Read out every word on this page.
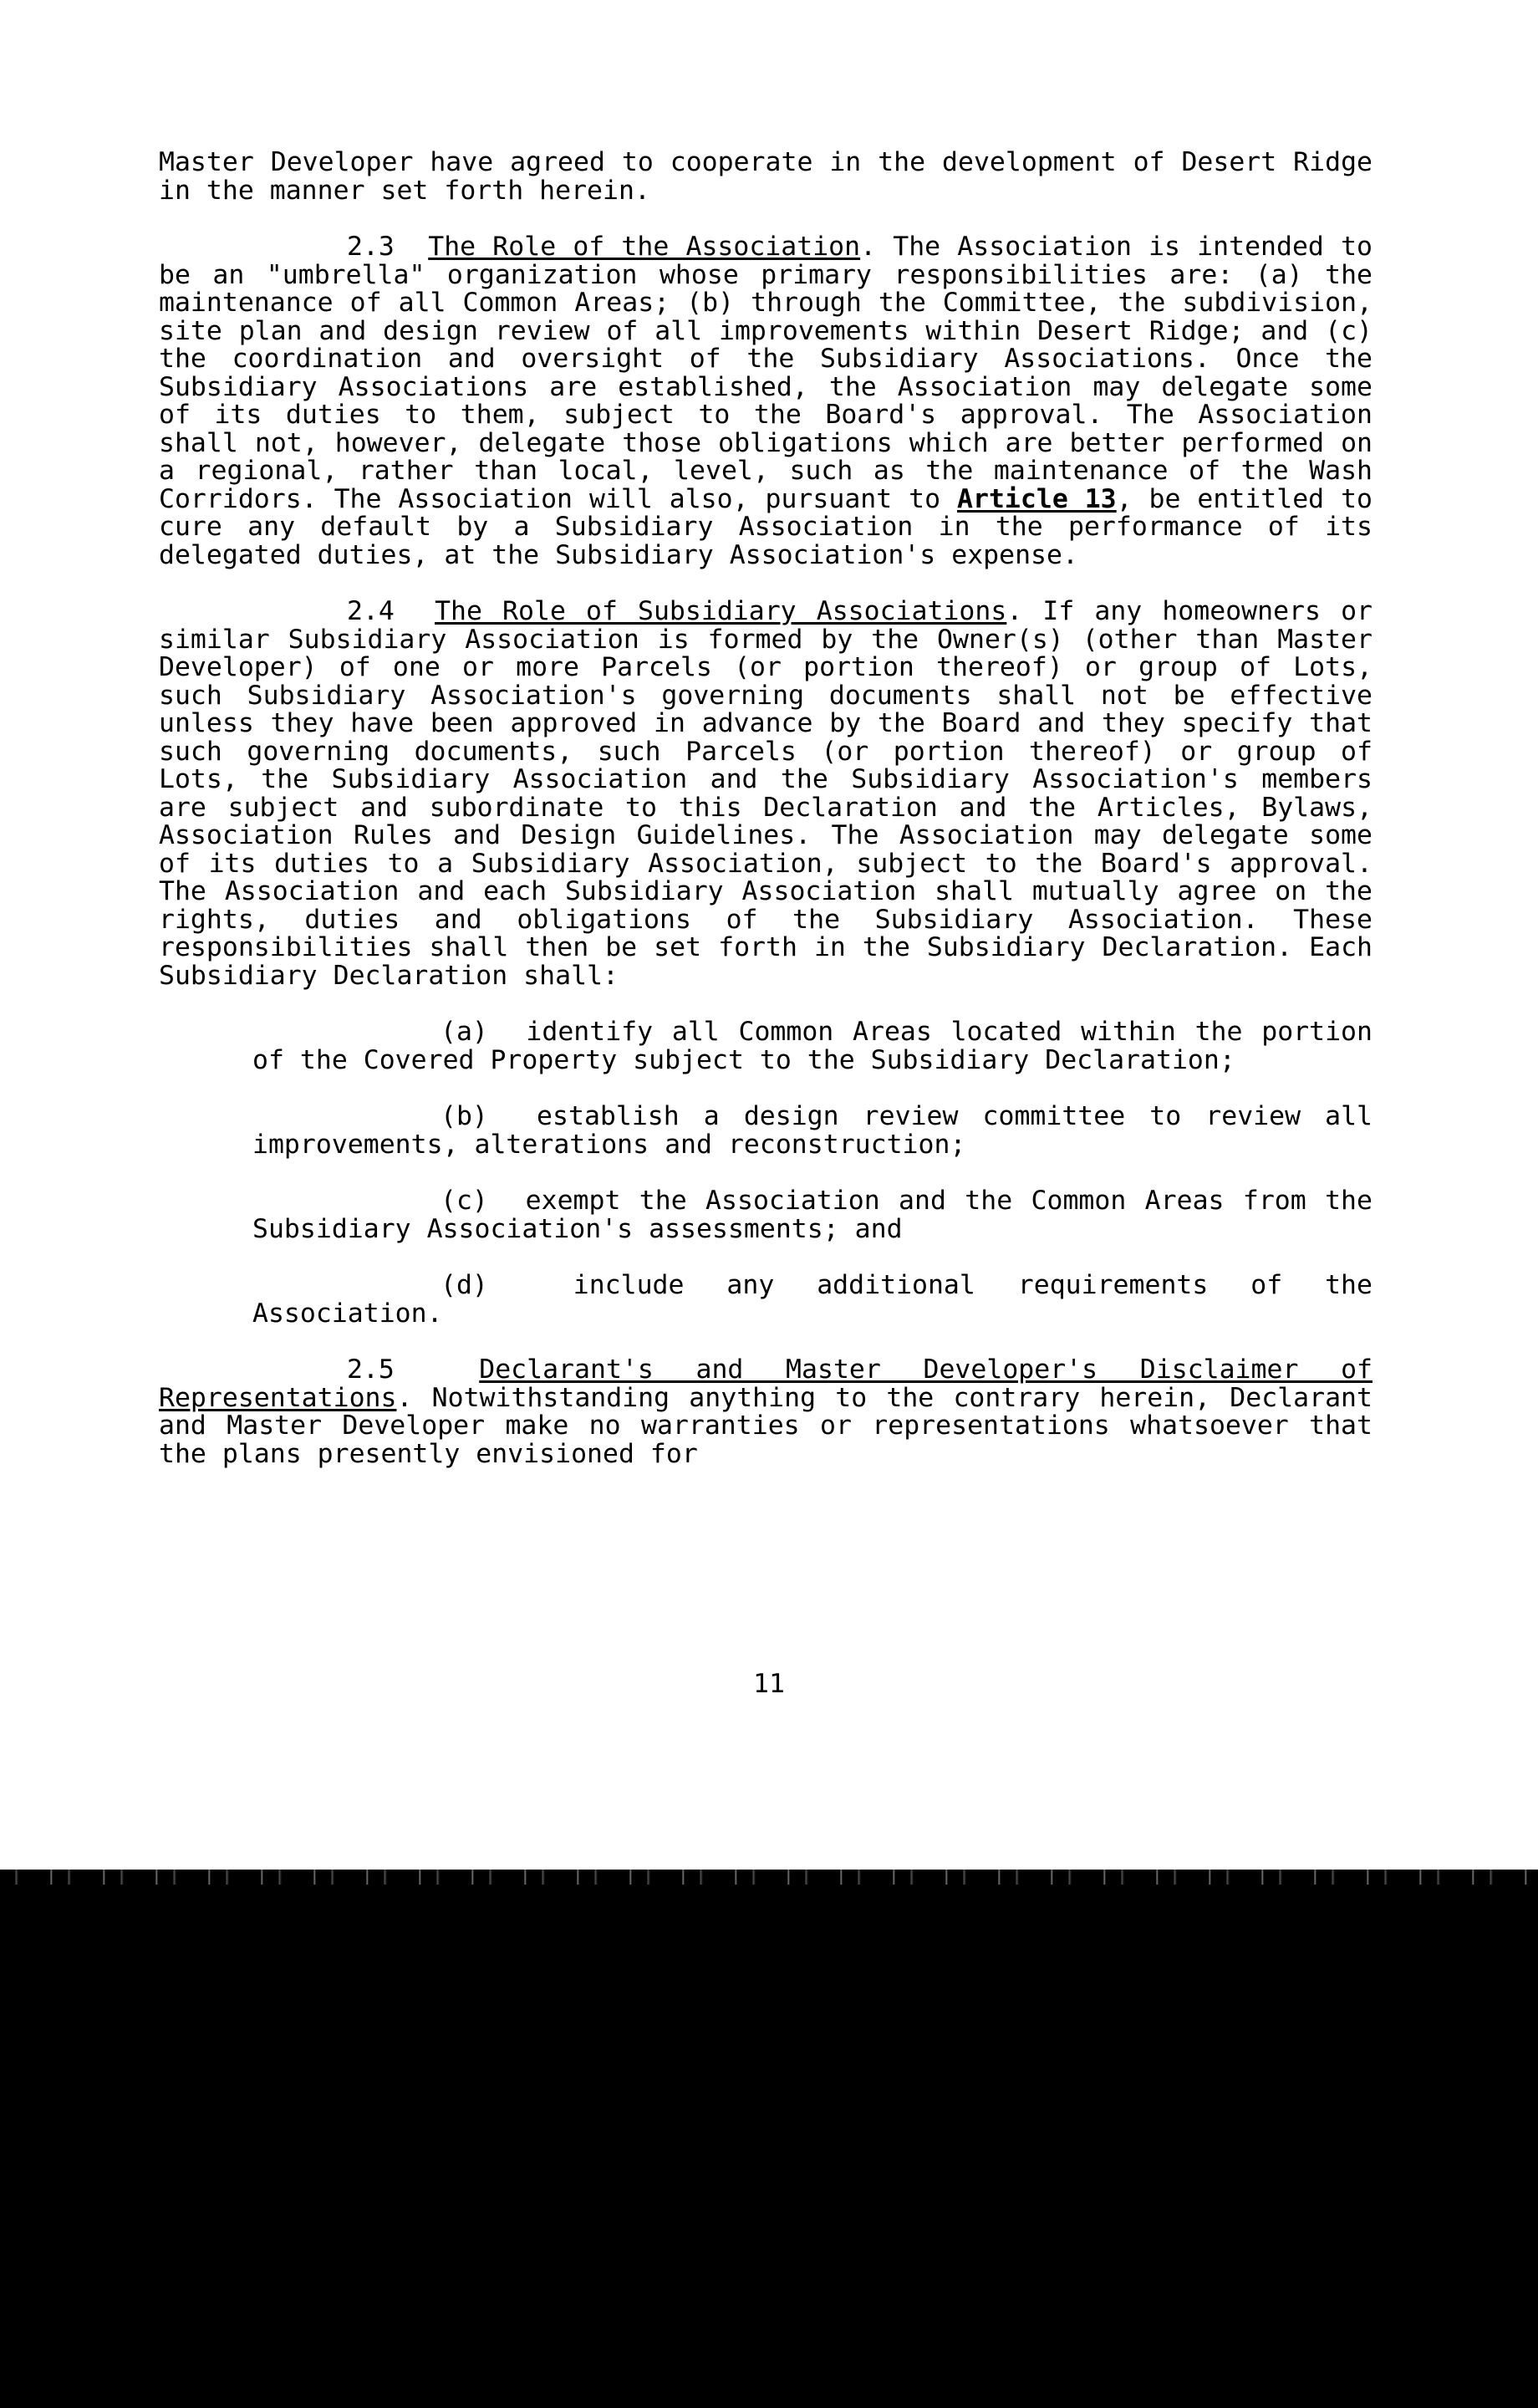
Master Developer have agreed to cooperate in the development of Desert Ridge in the manner set forth herein.

2.3 The Role of the Association. The Association is intended to be an "umbrella" organization whose primary responsibilities are: (a) the maintenance of all Common Areas; (b) through the Committee, the subdivision, site plan and design review of all improvements within Desert Ridge; and (c) the coordination and oversight of the Subsidiary Associations. Once the Subsidiary Associations are established, the Association may delegate some of its duties to them, subject to the Board's approval. The Association shall not, however, delegate those obligations which are better performed on a regional, rather than local, level, such as the maintenance of the Wash Corridors. The Association will also, pursuant to Article 13, be entitled to cure any default by a Subsidiary Association in the performance of its delegated duties, at the Subsidiary Association's expense.

2.4 The Role of Subsidiary Associations. If any homeowners or similar Subsidiary Association is formed by the Owner(s) (other than Master Developer) of one or more Parcels (or portion thereof) or group of Lots, such Subsidiary Association's governing documents shall not be effective unless they have been approved in advance by the Board and they specify that such governing documents, such Parcels (or portion thereof) or group of Lots, the Subsidiary Association and the Subsidiary Association's members are subject and subordinate to this Declaration and the Articles, Bylaws, Association Rules and Design Guidelines. The Association may delegate some of its duties to a Subsidiary Association, subject to the Board's approval. The Association and each Subsidiary Association shall mutually agree on the rights, duties and obligations of the Subsidiary Association. These responsibilities shall then be set forth in the Subsidiary Declaration. Each Subsidiary Declaration shall:

(a) identify all Common Areas located within the portion of the Covered Property subject to the Subsidiary Declaration;

(b) establish a design review committee to review all improvements, alterations and reconstruction;

(c) exempt the Association and the Common Areas from the Subsidiary Association's assessments; and

(d)	include any additional requirements of the Association.

2.5	Declarant's and Master Developer's Disclaimer of Representations. Notwithstanding anything to the contrary herein, Declarant and Master Developer make no warranties or representations whatsoever that the plans presently envisioned for

11
